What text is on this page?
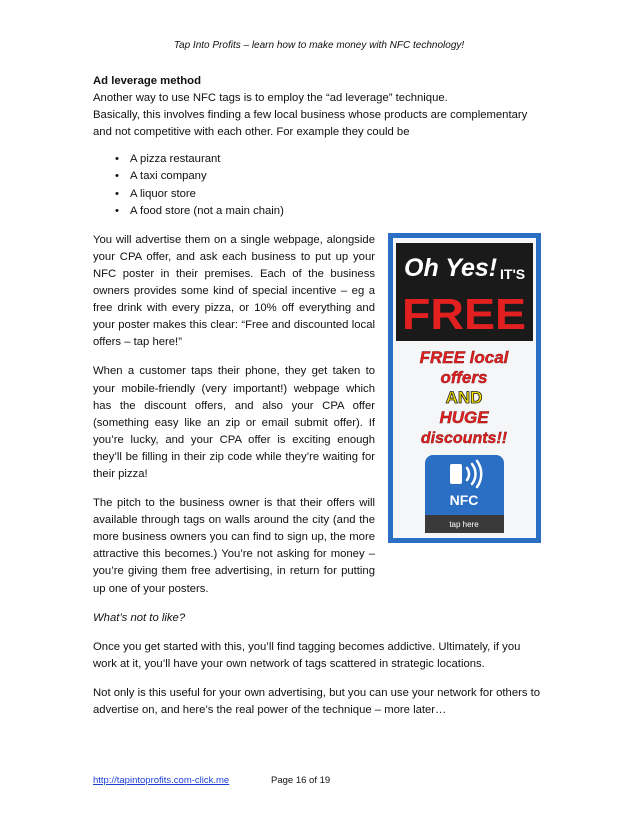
Tap Into Profits – learn how to make money with NFC technology!

Ad leverage method

Another way to use NFC tags is to employ the “ad leverage” technique.

Basically, this involves finding a few local business whose products are complementary and not competitive with each other. For example they could be

• A pizza restaurant
• A taxi company
• A liquor store
• A food store (not a main chain)

You will advertise them on a single webpage, alongside your CPA offer, and ask each business to put up your NFC poster in their premises. Each of the business owners provides some kind of special incentive – eg a free drink with every pizza, or 10% off everything and your poster makes this clear: “Free and discounted local offers – tap here!”

When a customer taps their phone, they get taken to your mobile-friendly (very important!) webpage which has the discount offers, and also your CPA offer (something easy like an zip or email submit offer). If you’re lucky, and your CPA offer is exciting enough they’ll be filling in their zip code while they’re waiting for their pizza!

The pitch to the business owner is that their offers will available through tags on walls around the city (and the more business owners you can find to sign up, the more attractive this becomes.) You’re not asking for money – you’re giving them free advertising, in return for putting up one of your posters.

What’s not to like?

Once you get started with this, you’ll find tagging becomes addictive. Ultimately, if you work at it, you’ll have your own network of tags scattered in strategic locations.

Not only is this useful for your own advertising, but you can use your network for others to advertise on, and here’s the real power of the technique – more later…

Oh Yes! IT'S
FREE
FREE local
offers
AND
HUGE
discounts!!
NFC
tap here
http://tapintoprofits.com-click.me	Page 16 of 19
